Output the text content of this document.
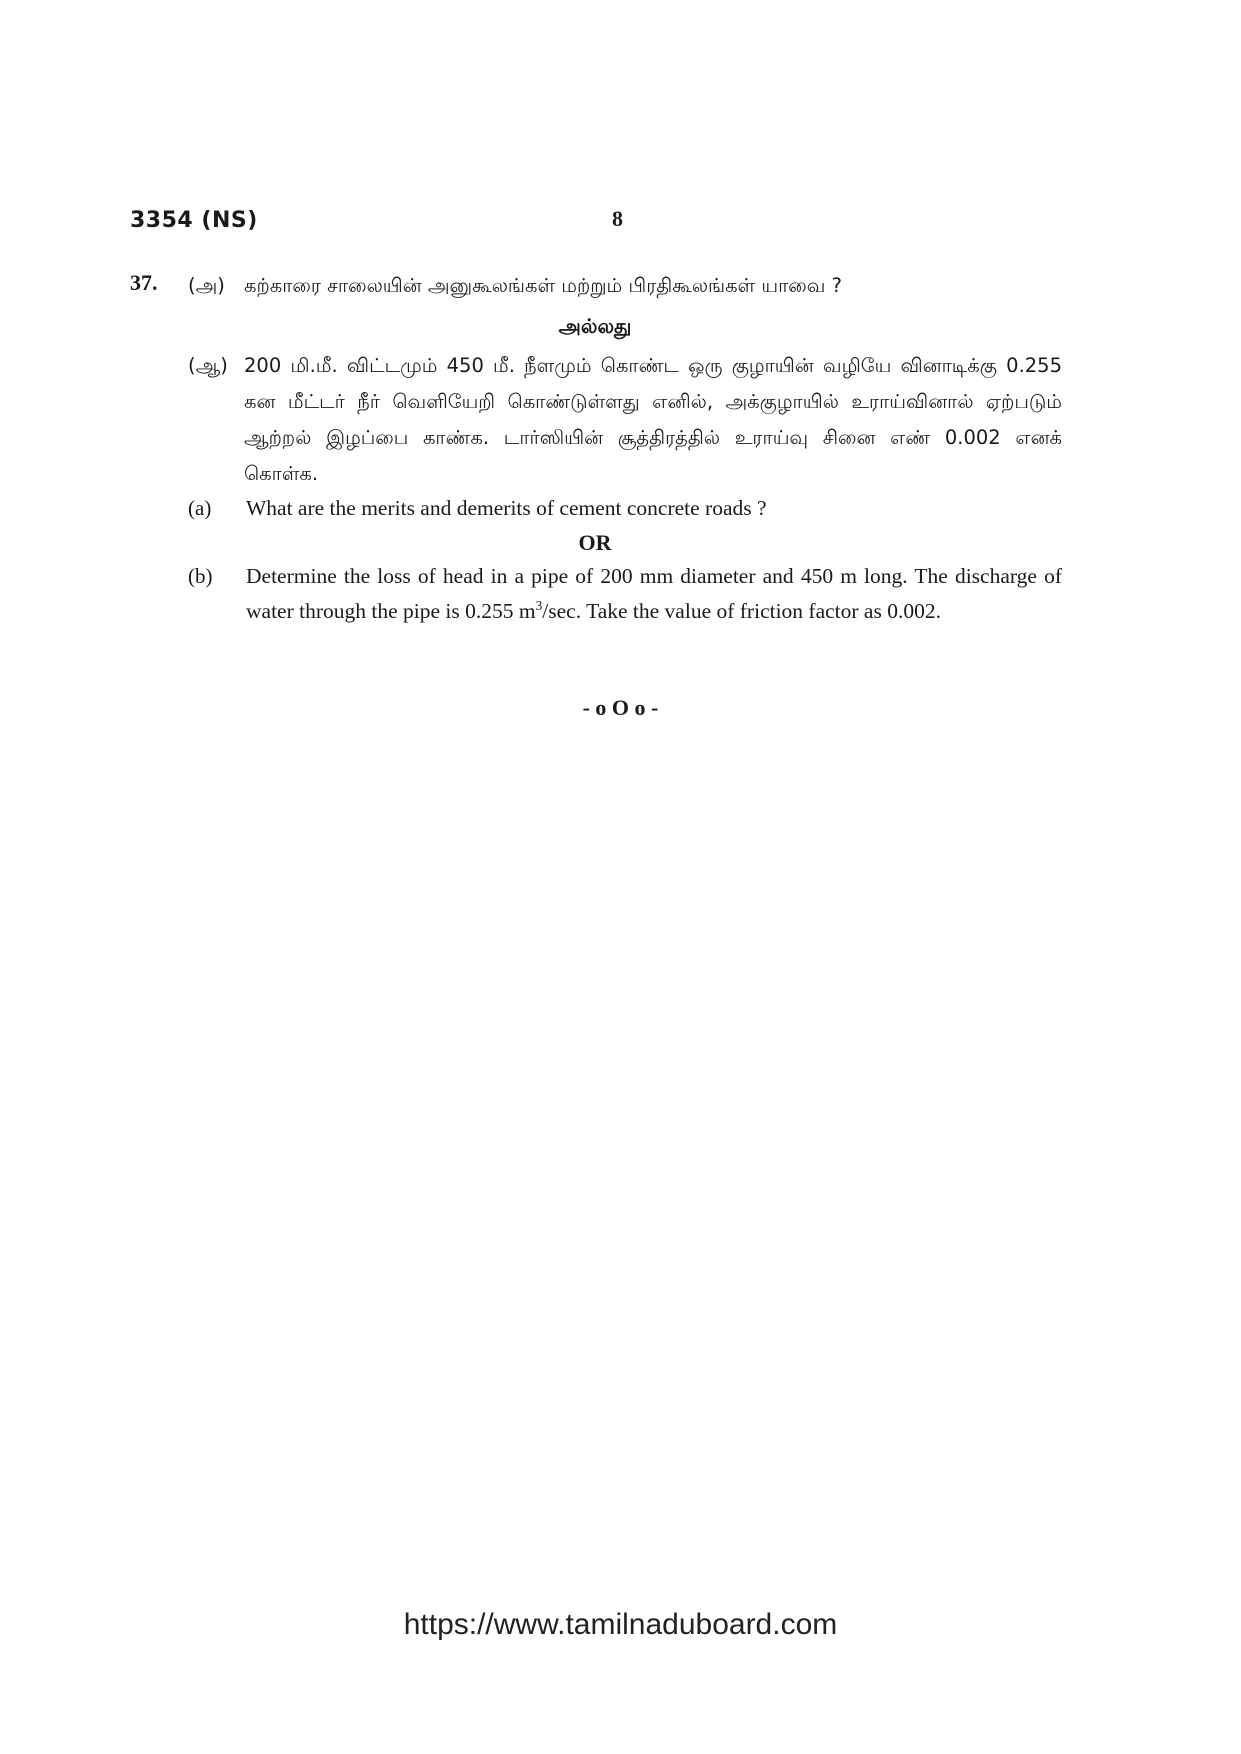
3354 (NS)	8
37. (அ) கற்காரை சாலையின் அனுகூலங்கள் மற்றும் பிரதிகூலங்கள் யாவை ?
அல்லது
(ஆ) 200 மி.மீ. விட்டமும் 450 மீ. நீளமும் கொண்ட ஒரு குழாயின் வழியே வினாடிக்கு 0.255 கன மீட்டர் நீர் வெளியேறி கொண்டுள்ளது எனில், அக்குழாயில் உராய்வினால் ஏற்படும் ஆற்றல் இழப்பை காண்க. டார்ஸியின் சூத்திரத்தில் உராய்வு சினை எண் 0.002 எனக் கொள்க.
(a) What are the merits and demerits of cement concrete roads ?
OR
(b) Determine the loss of head in a pipe of 200 mm diameter and 450 m long. The discharge of water through the pipe is 0.255 $m^3/\sec$. Take the value of friction factor as 0.002.
- o O o -
https://www.tamilnaduboard.com
